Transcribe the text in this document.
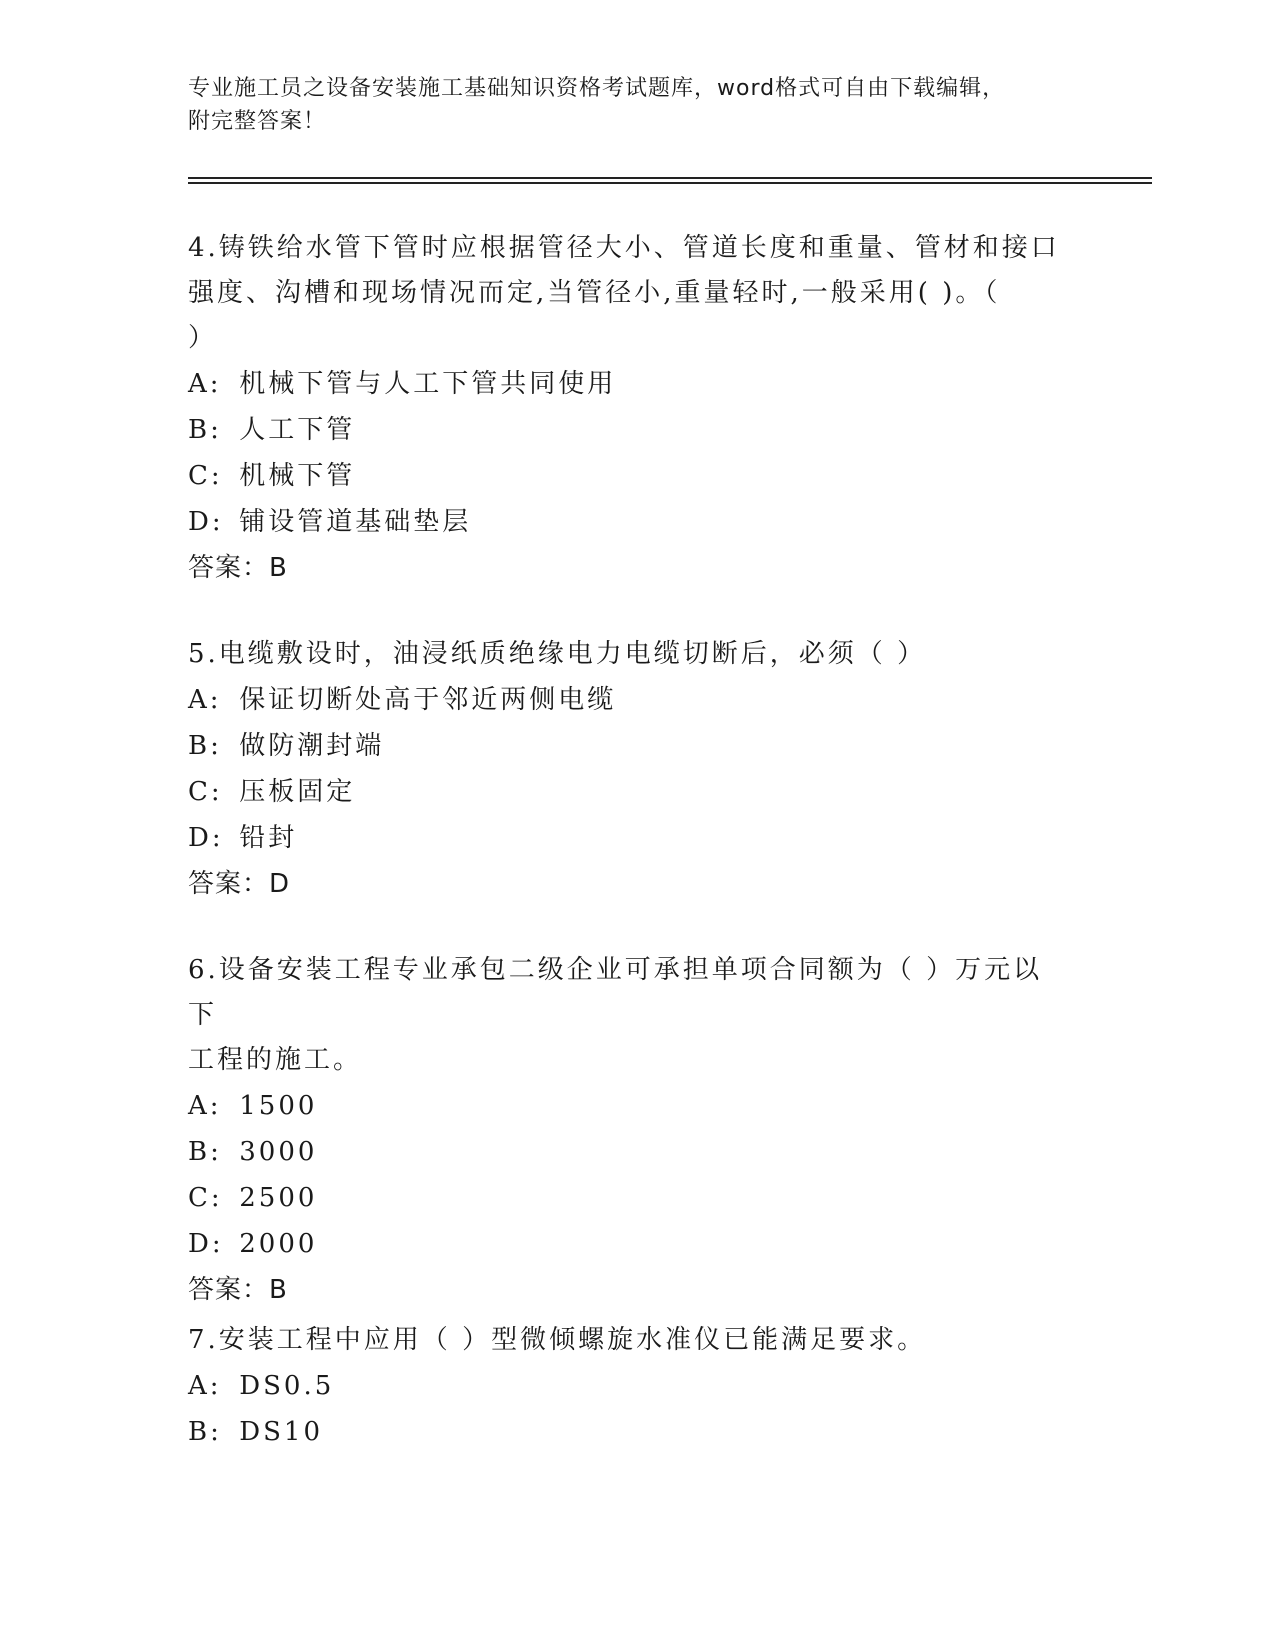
专业施工员之设备安装施工基础知识资格考试题库，word格式可自由下载编辑，
附完整答案！

4.铸铁给水管下管时应根据管径大小、管道长度和重量、管材和接口

强度、沟槽和现场情况而定,当管径小,重量轻时,一般采用( )。（

）

A: 机械下管与人工下管共同使用

B: 人工下管

C: 机械下管

D: 铺设管道基础垫层

答案：B

5.电缆敷设时，油浸纸质绝缘电力电缆切断后，必须（ ）

A: 保证切断处高于邻近两侧电缆

B: 做防潮封端

C: 压板固定

D: 铅封

答案：D

6.设备安装工程专业承包二级企业可承担单项合同额为（ ）万元以下

工程的施工。

A: 1500

B: 3000

C: 2500

D: 2000

答案：B

7.安装工程中应用（ ）型微倾螺旋水准仪已能满足要求。

A: DS0.5

B: DS10
